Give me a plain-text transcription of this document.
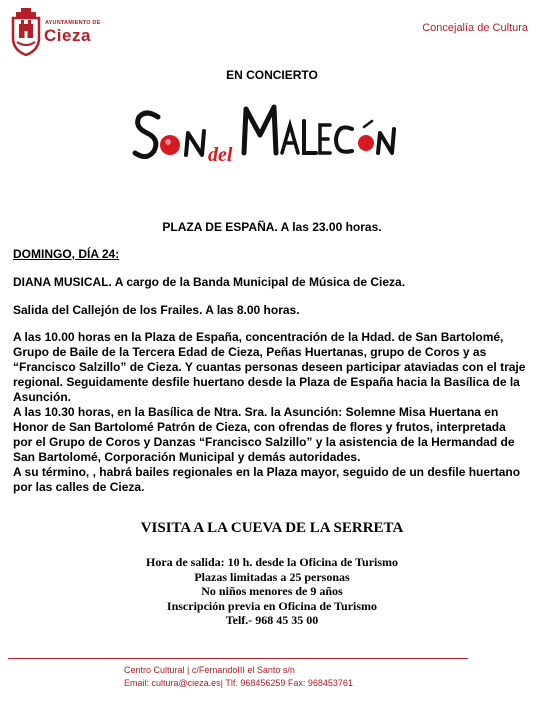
AYUNTAMIENTO DE
Cieza	Concejalía de Cultura
EN CONCIERTO
del
PLAZA DE ESPAÑA. A las 23.00 horas.
DOMINGO, DÍA 24:
DIANA MUSICAL. A cargo de la Banda Municipal de Música de Cieza.
Salida del Callejón de los Frailes. A las 8.00 horas.
A las 10.00 horas en la Plaza de España, concentración de la Hdad. de San Bartolomé, Grupo de Baile de la Tercera Edad de Cieza, Peñas Huertanas, grupo de Coros y as “Francisco Salzillo” de Cieza. Y cuantas personas deseen participar ataviadas con el traje regional. Seguidamente desfile huertano desde la Plaza de España hacia la Basílica de la Asunción.
A las 10.30 horas, en la Basílica de Ntra. Sra. la Asunción: Solemne Misa Huertana en Honor de San Bartolomé Patrón de Cieza, con ofrendas de flores y frutos, interpretada por el Grupo de Coros y Danzas “Francisco Salzillo” y la asistencia de la Hermandad de San Bartolomé, Corporación Municipal y demás autoridades.
A su término, , habrá bailes regionales en la Plaza mayor, seguido de un desfile huertano por las calles de Cieza.
VISITA A LA CUEVA DE LA SERRETA
Hora de salida: 10 h. desde la Oficina de Turismo
Plazas limitadas a 25 personas
No niños menores de 9 años
Inscripción previa en Oficina de Turismo
Telf.- 968 45 35 00
Centro Cultural | c/FernandoIII el Santo s/n
Email: cultura@cieza.es| Tlf. 968456259 Fax: 968453761
